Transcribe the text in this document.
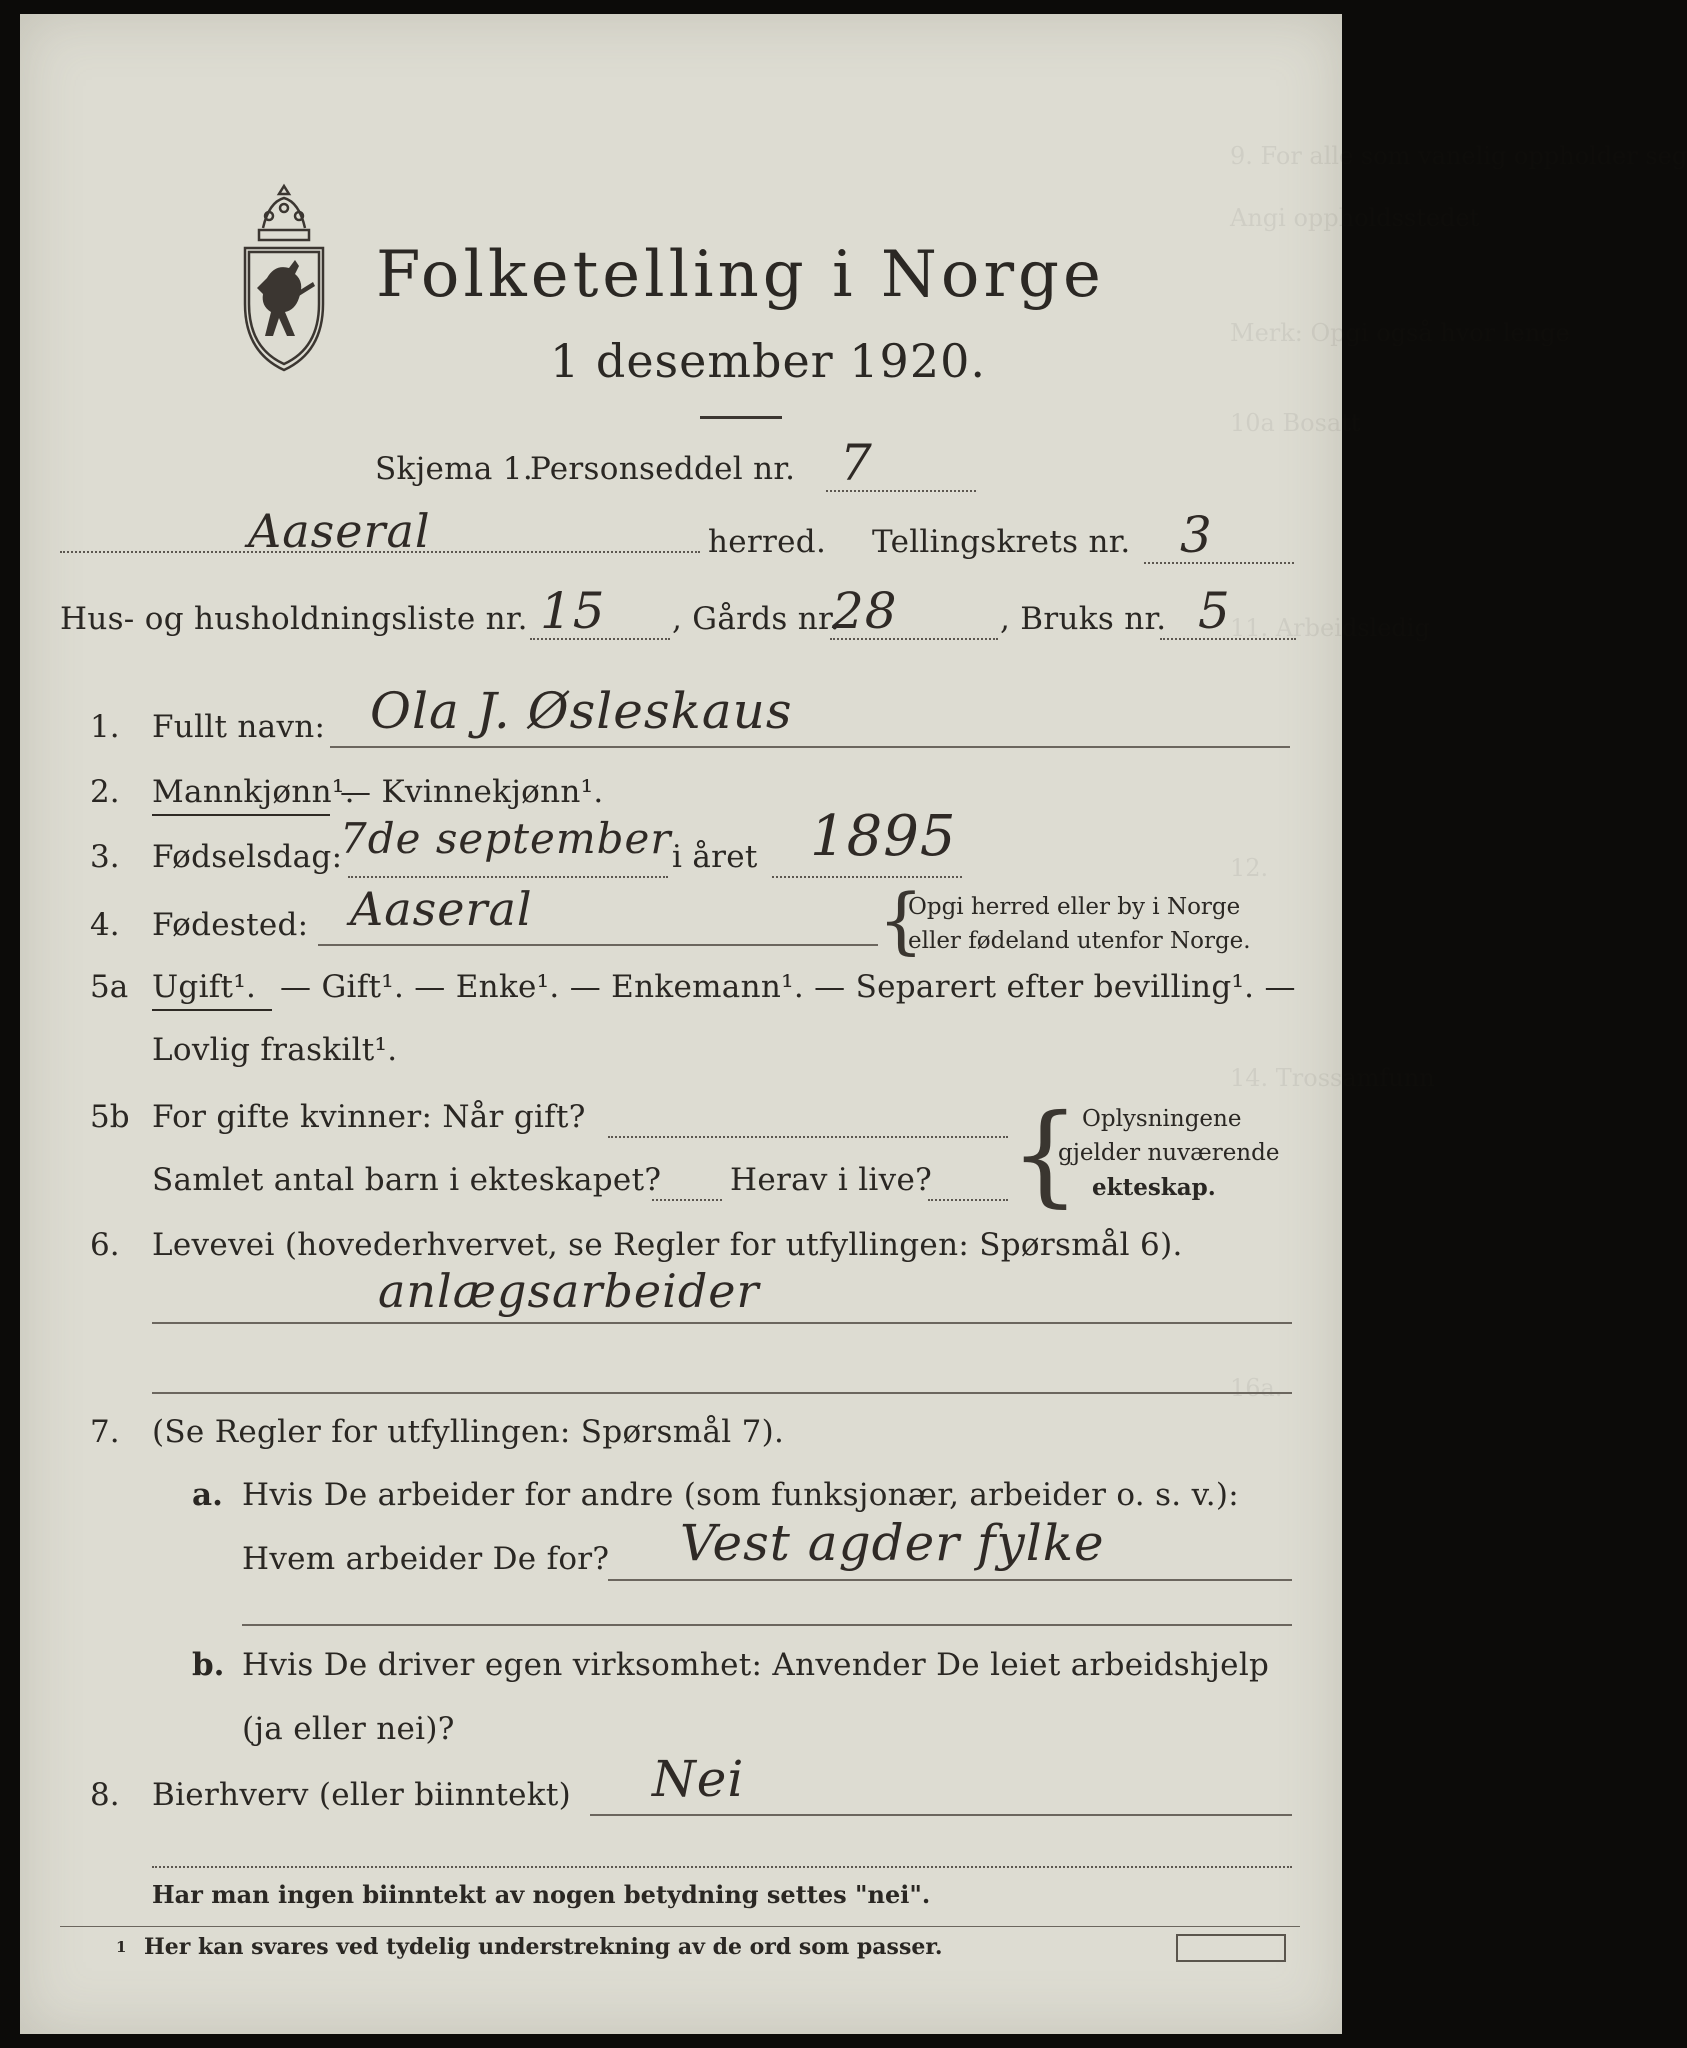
9. For alle som vanelig oppholder seg
Angi oppholdsstedet
Merk: Opgi også hvor lenge
10a Bosatt
11. Arbeidsledig
12.
14. Trossamfunn
16a.
Folketelling i Norge
1 desember 1920.
Skjema 1.
Personseddel nr. 7
Aaseral	herred. Tellingskrets nr. 3
Hus- og husholdningsliste nr. 15 , Gårds nr.
28	, Bruks nr. 5
1. Fullt navn: Ola J. Øsleskaus
2. Mannkjønn¹.
— Kvinnekjønn¹.
3. Fødselsdag:
7de september i året 1895
4. Fødested: Aaseral	{
Opgi herred eller by i Norge
eller fødeland utenfor Norge.
5a Ugift¹. — Gift¹. — Enke¹. — Enkemann¹. — Separert efter bevilling¹. —
Lovlig fraskilt¹.
5b For gifte kvinner: Når gift?
Samlet antal barn i ekteskapet? Herav i live? { Oplysningene
gjelder nuværende
ekteskap.
6. Levevei (hovederhvervet, se Regler for utfyllingen: Spørsmål 6).
anlægsarbeider
7. (Se Regler for utfyllingen: Spørsmål 7).
a. Hvis De arbeider for andre (som funksjonær, arbeider o. s. v.):
Hvem arbeider De for? Vest agder fylke
b. Hvis De driver egen virksomhet: Anvender De leiet arbeidshjelp
(ja eller nei)?
8. Bierhverv (eller biinntekt) Nei
Har man ingen biinntekt av nogen betydning settes "nei".
1 Her kan svares ved tydelig understrekning av de ord som passer.
